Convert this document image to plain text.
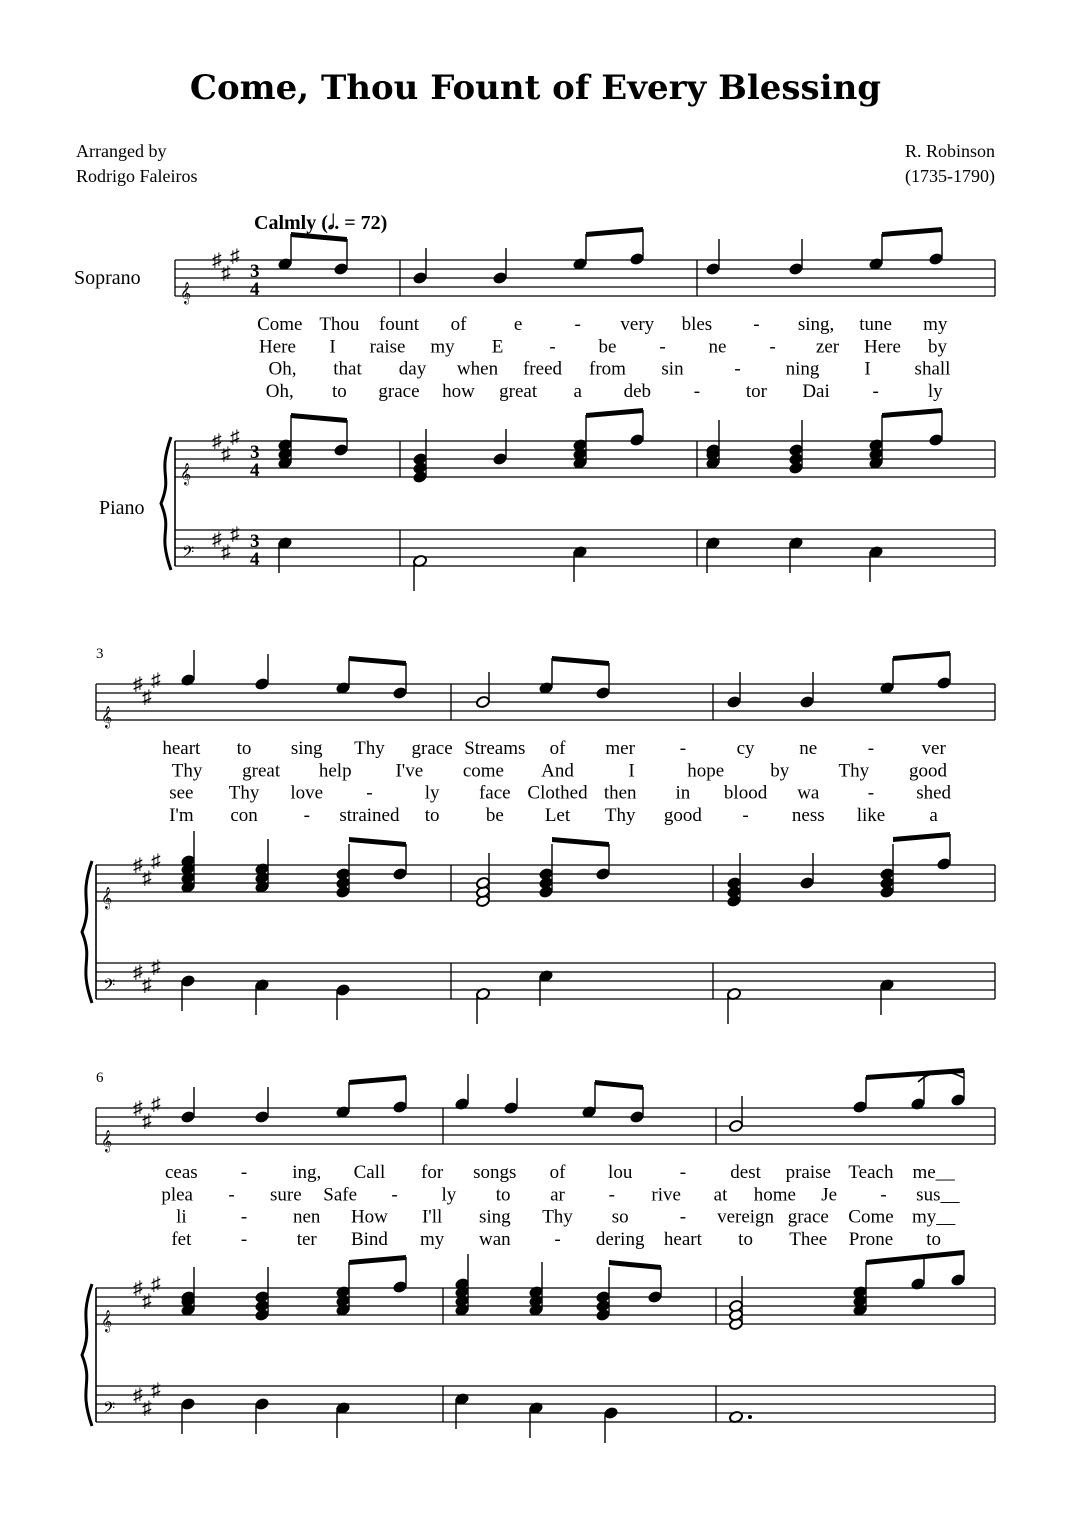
Come, Thou Fount of Every Blessing
Arranged by
Rodrigo Faleiros
R. Robinson
(1735-1790)
Calmly (𝅗𝅥. = 72)
Soprano
Piano
3
6
𝄞
𝄞
𝄢
♯
♯
♯
♯
♯
♯
♯
♯
♯
3
4
3
4
3
4
Come Thou fount of e	- very bles - sing, tune my
Here I raise my E - be - ne - zer Here by
Oh, that day when freed from sin	- ning I shall
Oh, to grace how great a deb - tor Dai -	ly
𝄞
𝄞
𝄢
♯
♯
♯
♯
♯
♯
♯
♯
♯
heart to sing Thy grace Streams of mer -	cy ne	- ver
Thy great help I've come And	I	hope by	Thy good
see Thy love -	ly face Clothed then in blood wa	- shed
I'm con - strained to be Let Thy good - ness like a
𝄞
𝄞
𝄢
♯
♯
♯
♯
♯
♯
♯
♯
♯
ceas - ing, Call for songs of lou - dest praise Teach me__
plea - sure Safe - ly to ar - rive at home Je - sus__
li	- nen How I'll sing Thy so	- vereign grace Come my__
fet	-	ter Bind my wan - dering heart to Thee Prone to
